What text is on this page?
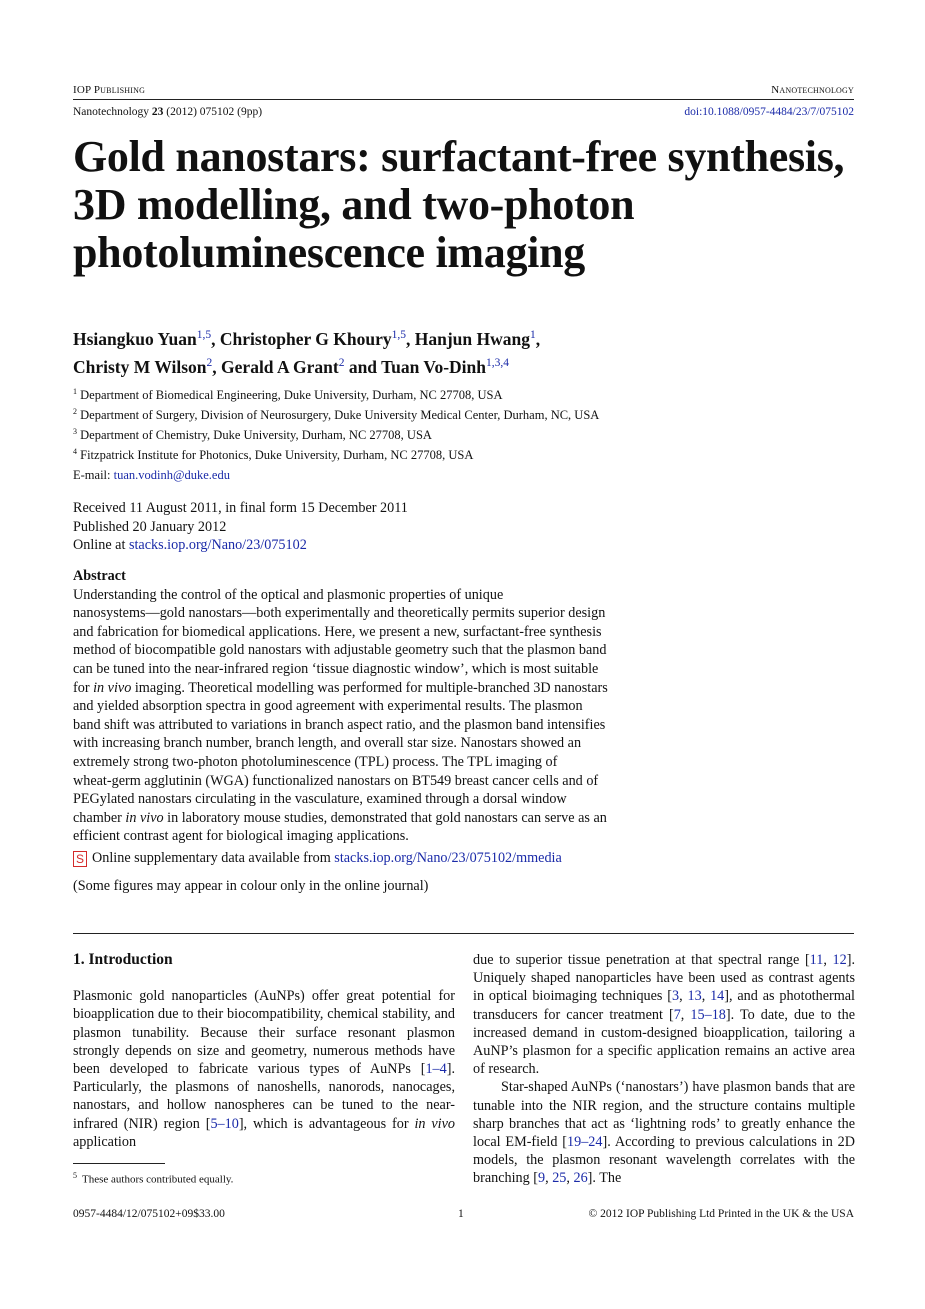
IOP Publishing	Nanotechnology
Nanotechnology 23 (2012) 075102 (9pp)	doi:10.1088/0957-4484/23/7/075102
Gold nanostars: surfactant-free synthesis, 3D modelling, and two-photon photoluminescence imaging
Hsiangkuo Yuan$^{1,5}$, Christopher G Khoury$^{1,5}$, Hanjun Hwang$^1$,
Christy M Wilson$^2$, Gerald A Grant$^2$ and Tuan Vo-Dinh$^{1,3,4}$
$^1$ Department of Biomedical Engineering, Duke University, Durham, NC 27708, USA
$^2$ Department of Surgery, Division of Neurosurgery, Duke University Medical Center, Durham, NC, USA
$^3$ Department of Chemistry, Duke University, Durham, NC 27708, USA
$^4$ Fitzpatrick Institute for Photonics, Duke University, Durham, NC 27708, USA
E-mail: tuan.vodinh@duke.edu
Received 11 August 2011, in final form 15 December 2011
Published 20 January 2012
Online at stacks.iop.org/Nano/23/075102
Abstract

Understanding the control of the optical and plasmonic properties of unique
nanosystems—gold nanostars—both experimentally and theoretically permits superior design
and fabrication for biomedical applications. Here, we present a new, surfactant-free synthesis
method of biocompatible gold nanostars with adjustable geometry such that the plasmon band
can be tuned into the near-infrared region ‘tissue diagnostic window’, which is most suitable
for in vivo imaging. Theoretical modelling was performed for multiple-branched 3D nanostars
and yielded absorption spectra in good agreement with experimental results. The plasmon
band shift was attributed to variations in branch aspect ratio, and the plasmon band intensifies
with increasing branch number, branch length, and overall star size. Nanostars showed an
extremely strong two-photon photoluminescence (TPL) process. The TPL imaging of
wheat-germ agglutinin (WGA) functionalized nanostars on BT549 breast cancer cells and of
PEGylated nanostars circulating in the vasculature, examined through a dorsal window
chamber in vivo in laboratory mouse studies, demonstrated that gold nanostars can serve as an
efficient contrast agent for biological imaging applications.

S Online supplementary data available from
stacks.iop.org/Nano/23/075102/mmedia
(Some figures may appear in colour only in the online journal)
1. Introduction

Plasmonic gold nanoparticles (AuNPs) offer great potential for bioapplication due to their biocompatibility, chemical stability, and plasmon tunability. Because their surface resonant plasmon strongly depends on size and geometry, numerous methods have been developed to fabricate various types of AuNPs [1–4]. Particularly, the plasmons of nanoshells, nanorods, nanocages, nanostars, and hollow nanospheres can be tuned to the near-infrared (NIR) region [5–10], which is advantageous for in vivo application

$^5$ These authors contributed equally.

due to superior tissue penetration at that spectral range [11, 12]. Uniquely shaped nanoparticles have been used as contrast agents in optical bioimaging techniques [3, 13, 14], and as photothermal transducers for cancer treatment [7, 15–18]. To date, due to the increased demand in custom-designed bioapplication, tailoring a AuNP’s plasmon for a specific application remains an active area of research.

Star-shaped AuNPs (‘nanostars’) have plasmon bands that are tunable into the NIR region, and the structure contains multiple sharp branches that act as ‘lightning rods’ to greatly enhance the local EM-field [19–24]. According to previous calculations in 2D models, the plasmon resonant wavelength correlates with the branching [9, 25, 26]. The

0957-4484/12/075102+09$33.00	1	© 2012 IOP Publishing Ltd Printed in the UK & the USA
